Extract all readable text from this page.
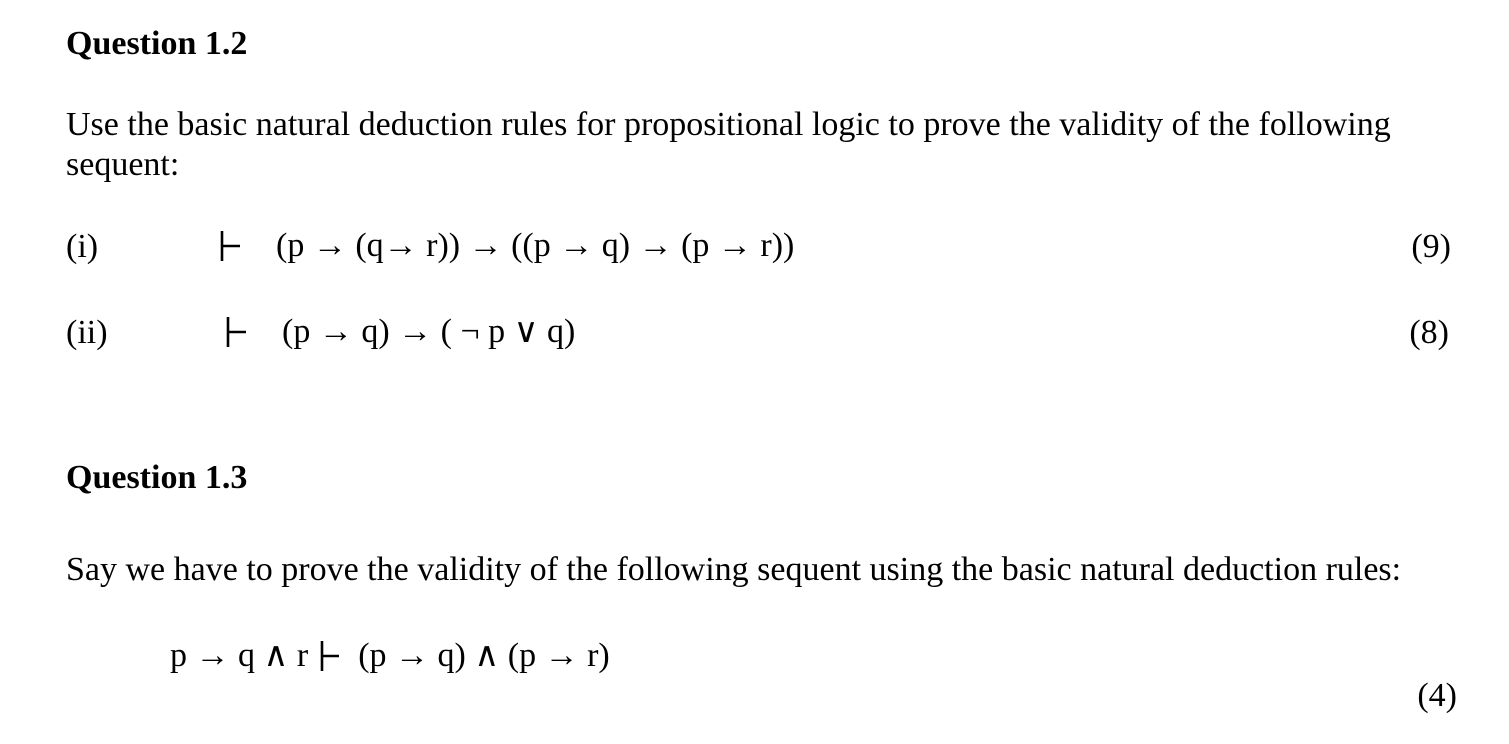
Question 1.2
Use the basic natural deduction rules for propositional logic to prove the validity of the following
sequent:
(i)	(p → (q→ r)) → ((p → q) → (p → r))	(9)
(ii)	(p → q) → ( ¬ p ∨ q)	(8)
Question 1.3
Say we have to prove the validity of the following sequent using the basic natural deduction rules:
p → q ∧ r (p → q) ∧ (p → r)
(4)
